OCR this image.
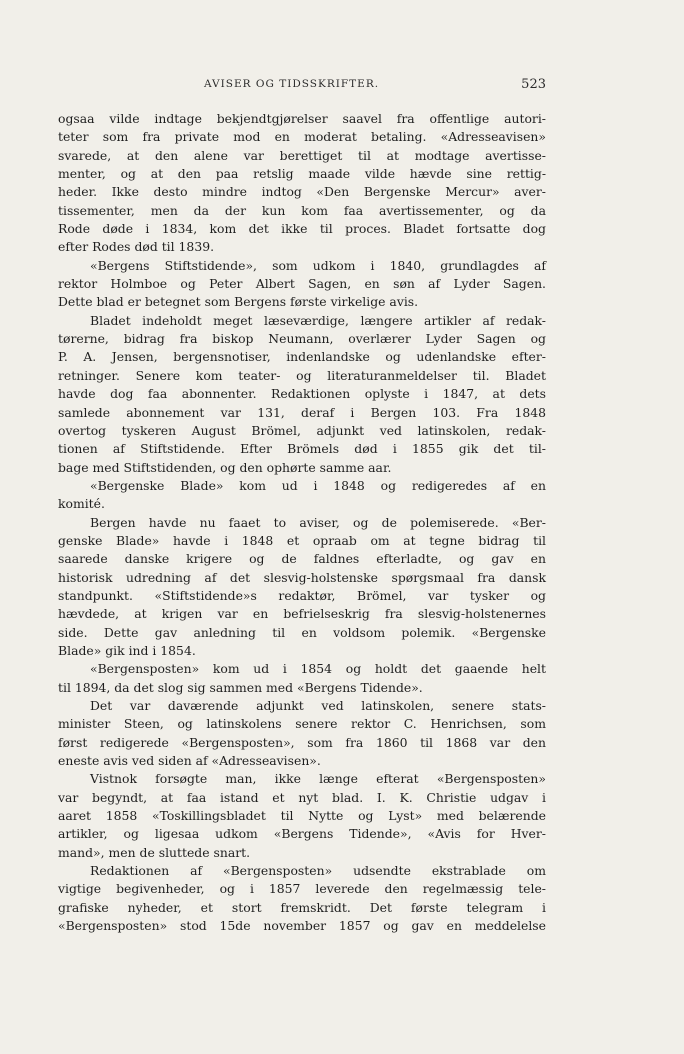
AVISER OG TIDSSKRIFTER.	523
ogsaa vilde indtage bekjendtgjørelser saavel fra offentlige autori-
teter som fra private mod en moderat betaling. «Adresseavisen»
svarede, at den alene var berettiget til at modtage avertisse-
menter, og at den paa retslig maade vilde hævde sine rettig-
heder. Ikke desto mindre indtog «Den Bergenske Mercur» aver-
tissementer, men da der kun kom faa avertissementer, og da
Rode døde i 1834, kom det ikke til proces. Bladet fortsatte dog
efter Rodes død til 1839.
«Bergens Stiftstidende», som udkom i 1840, grundlagdes af
rektor Holmboe og Peter Albert Sagen, en søn af Lyder Sagen.
Dette blad er betegnet som Bergens første virkelige avis.
Bladet indeholdt meget læseværdige, længere artikler af redak-
tørerne, bidrag fra biskop Neumann, overlærer Lyder Sagen og
P. A. Jensen, bergensnotiser, indenlandske og udenlandske efter-
retninger. Senere kom teater- og literaturanmeldelser til. Bladet
havde dog faa abonnenter. Redaktionen oplyste i 1847, at dets
samlede abonnement var 131, deraf i Bergen 103. Fra 1848
overtog tyskeren August Brömel, adjunkt ved latinskolen, redak-
tionen af Stiftstidende. Efter Brömels død i 1855 gik det til-
bage med Stiftstidenden, og den ophørte samme aar.
«Bergenske Blade» kom ud i 1848 og redigeredes af en
komité.
Bergen havde nu faaet to aviser, og de polemiserede. «Ber-
genske Blade» havde i 1848 et opraab om at tegne bidrag til
saarede danske krigere og de faldnes efterladte, og gav en
historisk udredning af det slesvig-holstenske spørgsmaal fra dansk
standpunkt. «Stiftstidende»s redaktør, Brömel, var tysker og
hævdede, at krigen var en befrielseskrig fra slesvig-holstenernes
side. Dette gav anledning til en voldsom polemik. «Bergenske
Blade» gik ind i 1854.
«Bergensposten» kom ud i 1854 og holdt det gaaende helt
til 1894, da det slog sig sammen med «Bergens Tidende».
Det var daværende adjunkt ved latinskolen, senere stats-
minister Steen, og latinskolens senere rektor C. Henrichsen, som
først redigerede «Bergensposten», som fra 1860 til 1868 var den
eneste avis ved siden af «Adresseavisen».
Vistnok forsøgte man, ikke længe efterat «Bergensposten»
var begyndt, at faa istand et nyt blad. I. K. Christie udgav i
aaret 1858 «Toskillingsbladet til Nytte og Lyst» med belærende
artikler, og ligesaa udkom «Bergens Tidende», «Avis for Hver-
mand», men de sluttede snart.
Redaktionen af «Bergensposten» udsendte ekstrablade om
vigtige begivenheder, og i 1857 leverede den regelmæssig tele-
grafiske nyheder, et stort fremskridt. Det første telegram i
«Bergensposten» stod 15de november 1857 og gav en meddelelse
